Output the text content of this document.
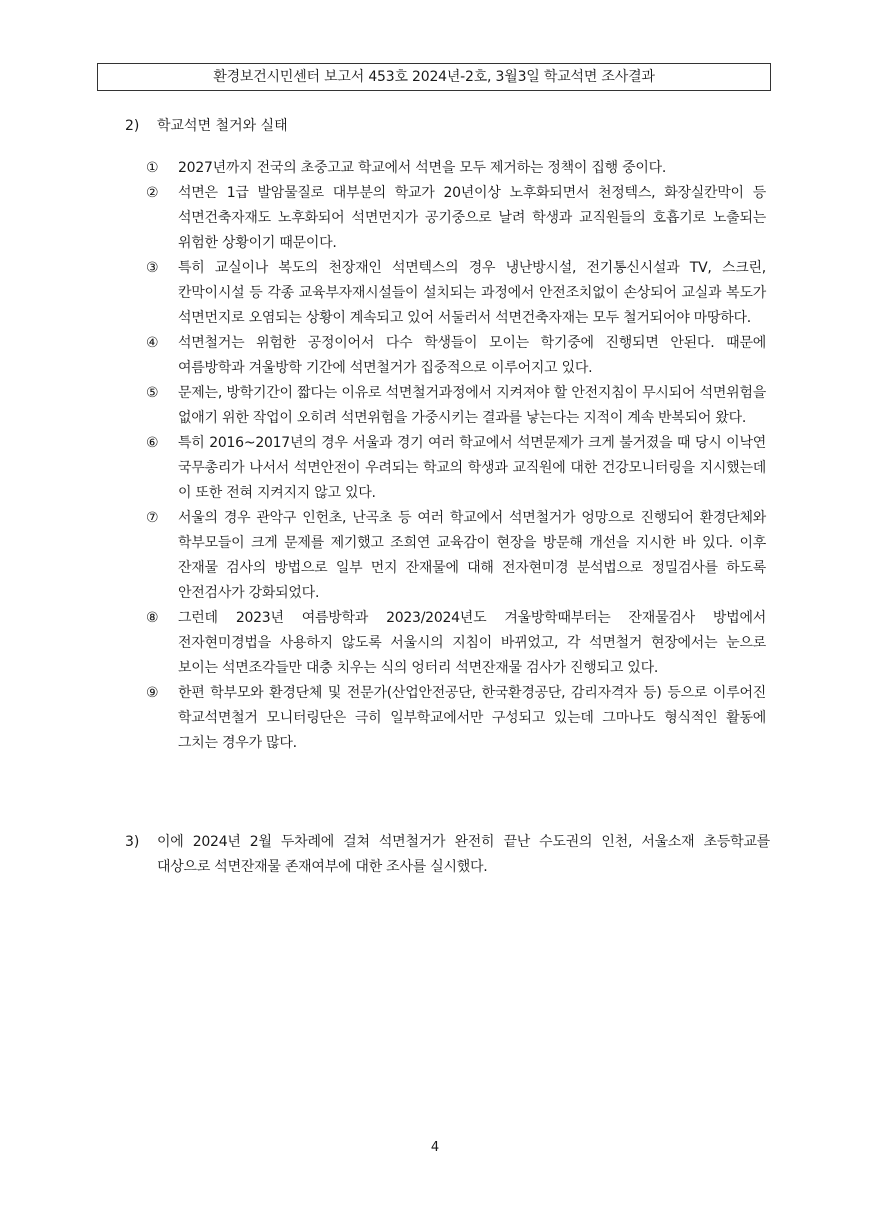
환경보건시민센터 보고서 453호 2024년-2호, 3월3일 학교석면 조사결과
2) 학교석면 철거와 실태
① 2027년까지 전국의 초중고교 학교에서 석면을 모두 제거하는 정책이 집행 중이다.
② 석면은 1급 발암물질로 대부분의 학교가 20년이상 노후화되면서 천정텍스, 화장실칸막이 등 석면건축자재도 노후화되어 석면먼지가 공기중으로 날려 학생과 교직원들의 호흡기로 노출되는 위험한 상황이기 때문이다.
③ 특히 교실이나 복도의 천장재인 석면텍스의 경우 냉난방시설, 전기통신시설과 TV, 스크린, 칸막이시설 등 각종 교육부자재시설들이 설치되는 과정에서 안전조치없이 손상되어 교실과 복도가 석면먼지로 오염되는 상황이 계속되고 있어 서둘러서 석면건축자재는 모두 철거되어야 마땅하다.
④ 석면철거는 위험한 공정이어서 다수 학생들이 모이는 학기중에 진행되면 안된다. 때문에 여름방학과 겨울방학 기간에 석면철거가 집중적으로 이루어지고 있다.
⑤ 문제는, 방학기간이 짧다는 이유로 석면철거과정에서 지켜져야 할 안전지침이 무시되어 석면위험을 없애기 위한 작업이 오히려 석면위험을 가중시키는 결과를 낳는다는 지적이 계속 반복되어 왔다.
⑥ 특히 2016~2017년의 경우 서울과 경기 여러 학교에서 석면문제가 크게 불거졌을 때 당시 이낙연 국무총리가 나서서 석면안전이 우려되는 학교의 학생과 교직원에 대한 건강모니터링을 지시했는데 이 또한 전혀 지켜지지 않고 있다.
⑦ 서울의 경우 관악구 인헌초, 난곡초 등 여러 학교에서 석면철거가 엉망으로 진행되어 환경단체와 학부모들이 크게 문제를 제기했고 조희연 교육감이 현장을 방문해 개선을 지시한 바 있다. 이후 잔재물 검사의 방법으로 일부 먼지 잔재물에 대해 전자현미경 분석법으로 정밀검사를 하도록 안전검사가 강화되었다.
⑧ 그런데 2023년 여름방학과 2023/2024년도 겨울방학때부터는 잔재물검사 방법에서 전자현미경법을 사용하지 않도록 서울시의 지침이 바뀌었고, 각 석면철거 현장에서는 눈으로 보이는 석면조각들만 대충 치우는 식의 엉터리 석면잔재물 검사가 진행되고 있다.
⑨ 한편 학부모와 환경단체 및 전문가(산업안전공단, 한국환경공단, 감리자격자 등) 등으로 이루어진 학교석면철거 모니터링단은 극히 일부학교에서만 구성되고 있는데 그마나도 형식적인 활동에 그치는 경우가 많다.
3) 이에 2024년 2월 두차례에 걸쳐 석면철거가 완전히 끝난 수도권의 인천, 서울소재 초등학교를 대상으로 석면잔재물 존재여부에 대한 조사를 실시했다.
4
